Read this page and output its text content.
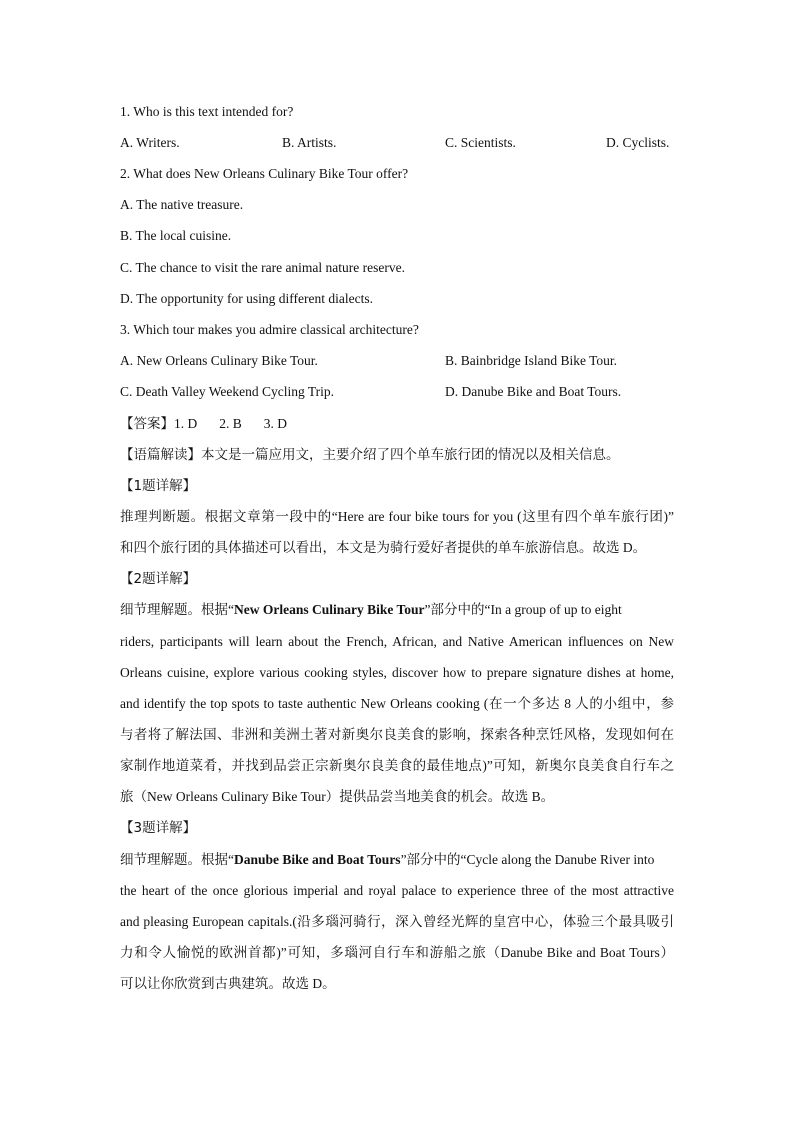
1. Who is this text intended for?
A. Writers.	B. Artists.	C. Scientists.	D. Cyclists.
2. What does New Orleans Culinary Bike Tour offer?
A. The native treasure.
B. The local cuisine.
C. The chance to visit the rare animal nature reserve.
D. The opportunity for using different dialects.
3. Which tour makes you admire classical architecture?
A. New Orleans Culinary Bike Tour.	B. Bainbridge Island Bike Tour.
C. Death Valley Weekend Cycling Trip.	D. Danube Bike and Boat Tours.
【答案】1. D 2. B 3. D
【语篇解读】本文是一篇应用文，主要介绍了四个单车旅行团的情况以及相关信息。
【1题详解】
推理判断题。根据文章第一段中的“Here are four bike tours for you (这里有四个单车旅行团)”
和四个旅行团的具体描述可以看出，本文是为骑行爱好者提供的单车旅游信息。故选 D。
【2题详解】
细节理解题。根据“New Orleans Culinary Bike Tour”部分中的“In a group of up to eight
riders, participants will learn about the French, African, and Native American influences on New
Orleans cuisine, explore various cooking styles, discover how to prepare signature dishes at home,
and identify the top spots to taste authentic New Orleans cooking (在一个多达 8 人的小组中，参
与者将了解法国、非洲和美洲土著对新奥尔良美食的影响，探索各种烹饪风格，发现如何在
家制作地道菜肴，并找到品尝正宗新奥尔良美食的最佳地点)”可知，新奥尔良美食自行车之
旅（New Orleans Culinary Bike Tour）提供品尝当地美食的机会。故选 B。
【3题详解】
细节理解题。根据“Danube Bike and Boat Tours”部分中的“Cycle along the Danube River into
the heart of the once glorious imperial and royal palace to experience three of the most attractive
and pleasing European capitals.(沿多瑙河骑行，深入曾经光辉的皇宫中心，体验三个最具吸引
力和令人愉悦的欧洲首都)”可知，多瑙河自行车和游船之旅（Danube Bike and Boat Tours）
可以让你欣赏到古典建筑。故选 D。
